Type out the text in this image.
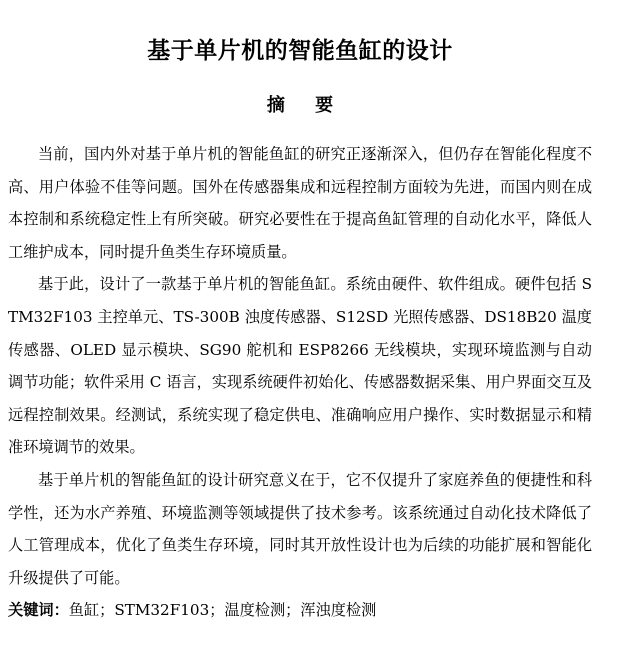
基于单片机的智能鱼缸的设计
摘 要

当前，国内外对基于单片机的智能鱼缸的研究正逐渐深入，但仍存在智能化程度不高、用户体验不佳等问题。国外在传感器集成和远程控制方面较为先进，而国内则在成本控制和系统稳定性上有所突破。研究必要性在于提高鱼缸管理的自动化水平，降低人工维护成本，同时提升鱼类生存环境质量。

基于此，设计了一款基于单片机的智能鱼缸。系统由硬件、软件组成。硬件包括 STM32F103 主控单元、TS-300B 浊度传感器、S12SD 光照传感器、DS18B20 温度传感器、OLED 显示模块、SG90 舵机和 ESP8266 无线模块，实现环境监测与自动调节功能；软件采用 C 语言，实现系统硬件初始化、传感器数据采集、用户界面交互及远程控制效果。经测试，系统实现了稳定供电、准确响应用户操作、实时数据显示和精准环境调节的效果。

基于单片机的智能鱼缸的设计研究意义在于，它不仅提升了家庭养鱼的便捷性和科学性，还为水产养殖、环境监测等领域提供了技术参考。该系统通过自动化技术降低了人工管理成本，优化了鱼类生存环境，同时其开放性设计也为后续的功能扩展和智能化升级提供了可能。

关键词：鱼缸；STM32F103；温度检测；浑浊度检测
